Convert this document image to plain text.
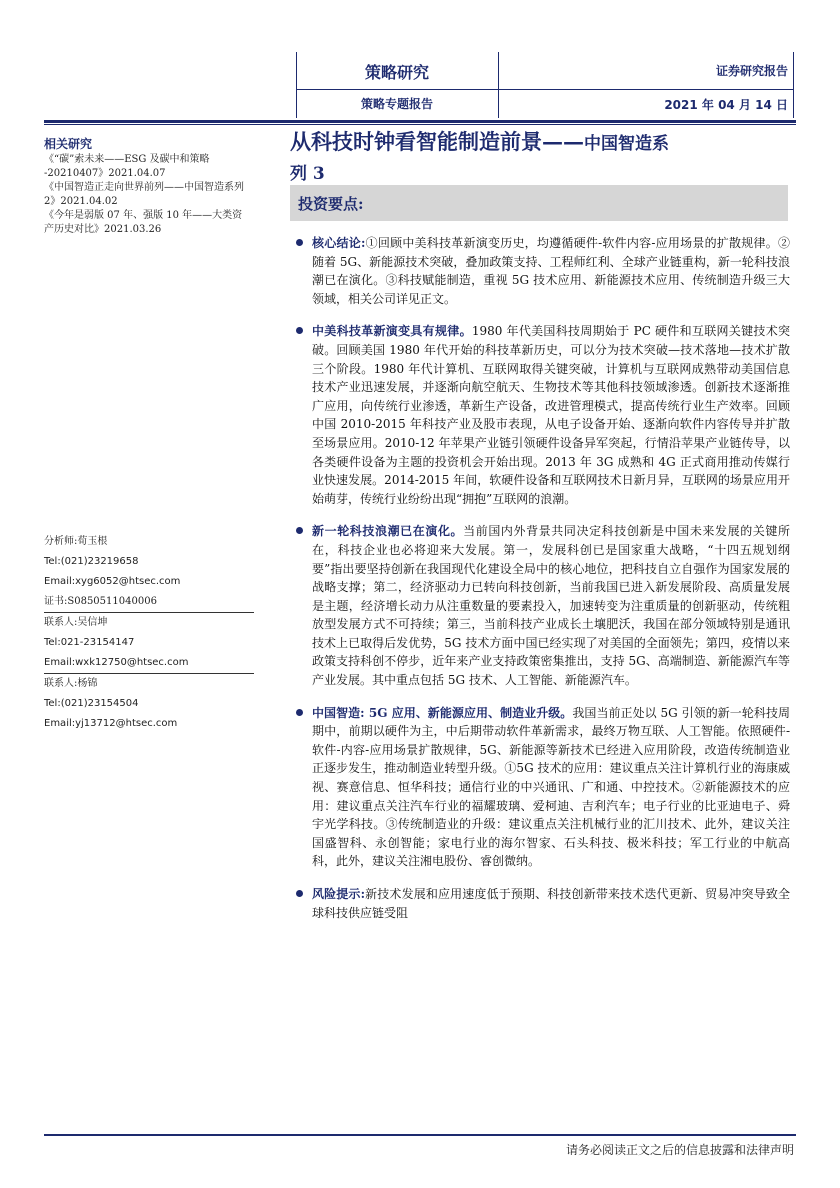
策略研究
策略专题报告
证券研究报告
2021 年 04 月 14 日
从科技时钟看智能制造前景——中国智造系
列 3
投资要点:
相关研究
《“碳”索未来——ESG 及碳中和策略 -20210407》2021.04.07
《中国智造正走向世界前列——中国智造系列 2》2021.04.02
《今年是弱版 07 年、强版 10 年——大类资产历史对比》2021.03.26
分析师:荀玉根
Tel:(021)23219658
Email:xyg6052@htsec.com
证书:S0850511040006
联系人:吴信坤
Tel:021-23154147
Email:wxk12750@htsec.com
联系人:杨锦
Tel:(021)23154504
Email:yj13712@htsec.com
核心结论:①回顾中美科技革新演变历史，均遵循硬件-软件内容-应用场景的扩散规律。②随着 5G、新能源技术突破，叠加政策支持、工程师红利、全球产业链重构，新一轮科技浪潮已在演化。③科技赋能制造，重视 5G 技术应用、新能源技术应用、传统制造升级三大领域，相关公司详见正文。
中美科技革新演变具有规律。1980 年代美国科技周期始于 PC 硬件和互联网关键技术突破。回顾美国 1980 年代开始的科技革新历史，可以分为技术突破—技术落地—技术扩散三个阶段。1980 年代计算机、互联网取得关键突破，计算机与互联网成熟带动美国信息技术产业迅速发展，并逐渐向航空航天、生物技术等其他科技领域渗透。创新技术逐渐推广应用，向传统行业渗透，革新生产设备，改进管理模式，提高传统行业生产效率。回顾中国 2010-2015 年科技产业及股市表现，从电子设备开始、逐渐向软件内容传导并扩散至场景应用。2010-12 年苹果产业链引领硬件设备异军突起，行情沿苹果产业链传导，以各类硬件设备为主题的投资机会开始出现。2013 年 3G 成熟和 4G 正式商用推动传媒行业快速发展。2014-2015 年间，软硬件设备和互联网技术日新月异，互联网的场景应用开始萌芽，传统行业纷纷出现“拥抱”互联网的浪潮。
新一轮科技浪潮已在演化。当前国内外背景共同决定科技创新是中国未来发展的关键所在，科技企业也必将迎来大发展。第一，发展科创已是国家重大战略，“十四五规划纲要”指出要坚持创新在我国现代化建设全局中的核心地位，把科技自立自强作为国家发展的战略支撑；第二，经济驱动力已转向科技创新，当前我国已进入新发展阶段、高质量发展是主题，经济增长动力从注重数量的要素投入，加速转变为注重质量的创新驱动，传统粗放型发展方式不可持续；第三，当前科技产业成长土壤肥沃，我国在部分领域特别是通讯技术上已取得后发优势，5G 技术方面中国已经实现了对美国的全面领先；第四，疫情以来政策支持科创不停步，近年来产业支持政策密集推出，支持 5G、高端制造、新能源汽车等产业发展。其中重点包括 5G 技术、人工智能、新能源汽车。
中国智造: 5G 应用、新能源应用、制造业升级。我国当前正处以 5G 引领的新一轮科技周期中，前期以硬件为主，中后期带动软件革新需求，最终万物互联、人工智能。依照硬件-软件-内容-应用场景扩散规律，5G、新能源等新技术已经进入应用阶段，改造传统制造业正逐步发生，推动制造业转型升级。①5G 技术的应用：建议重点关注计算机行业的海康威视、赛意信息、恒华科技；通信行业的中兴通讯、广和通、中控技术。②新能源技术的应用：建议重点关注汽车行业的福耀玻璃、爱柯迪、吉利汽车；电子行业的比亚迪电子、舜宇光学科技。③传统制造业的升级：建议重点关注机械行业的汇川技术、此外，建议关注国盛智科、永创智能；家电行业的海尔智家、石头科技、极米科技；军工行业的中航高科，此外，建议关注湘电股份、睿创微纳。
风险提示:新技术发展和应用速度低于预期、科技创新带来技术迭代更新、贸易冲突导致全球科技供应链受阻
请务必阅读正文之后的信息披露和法律声明
